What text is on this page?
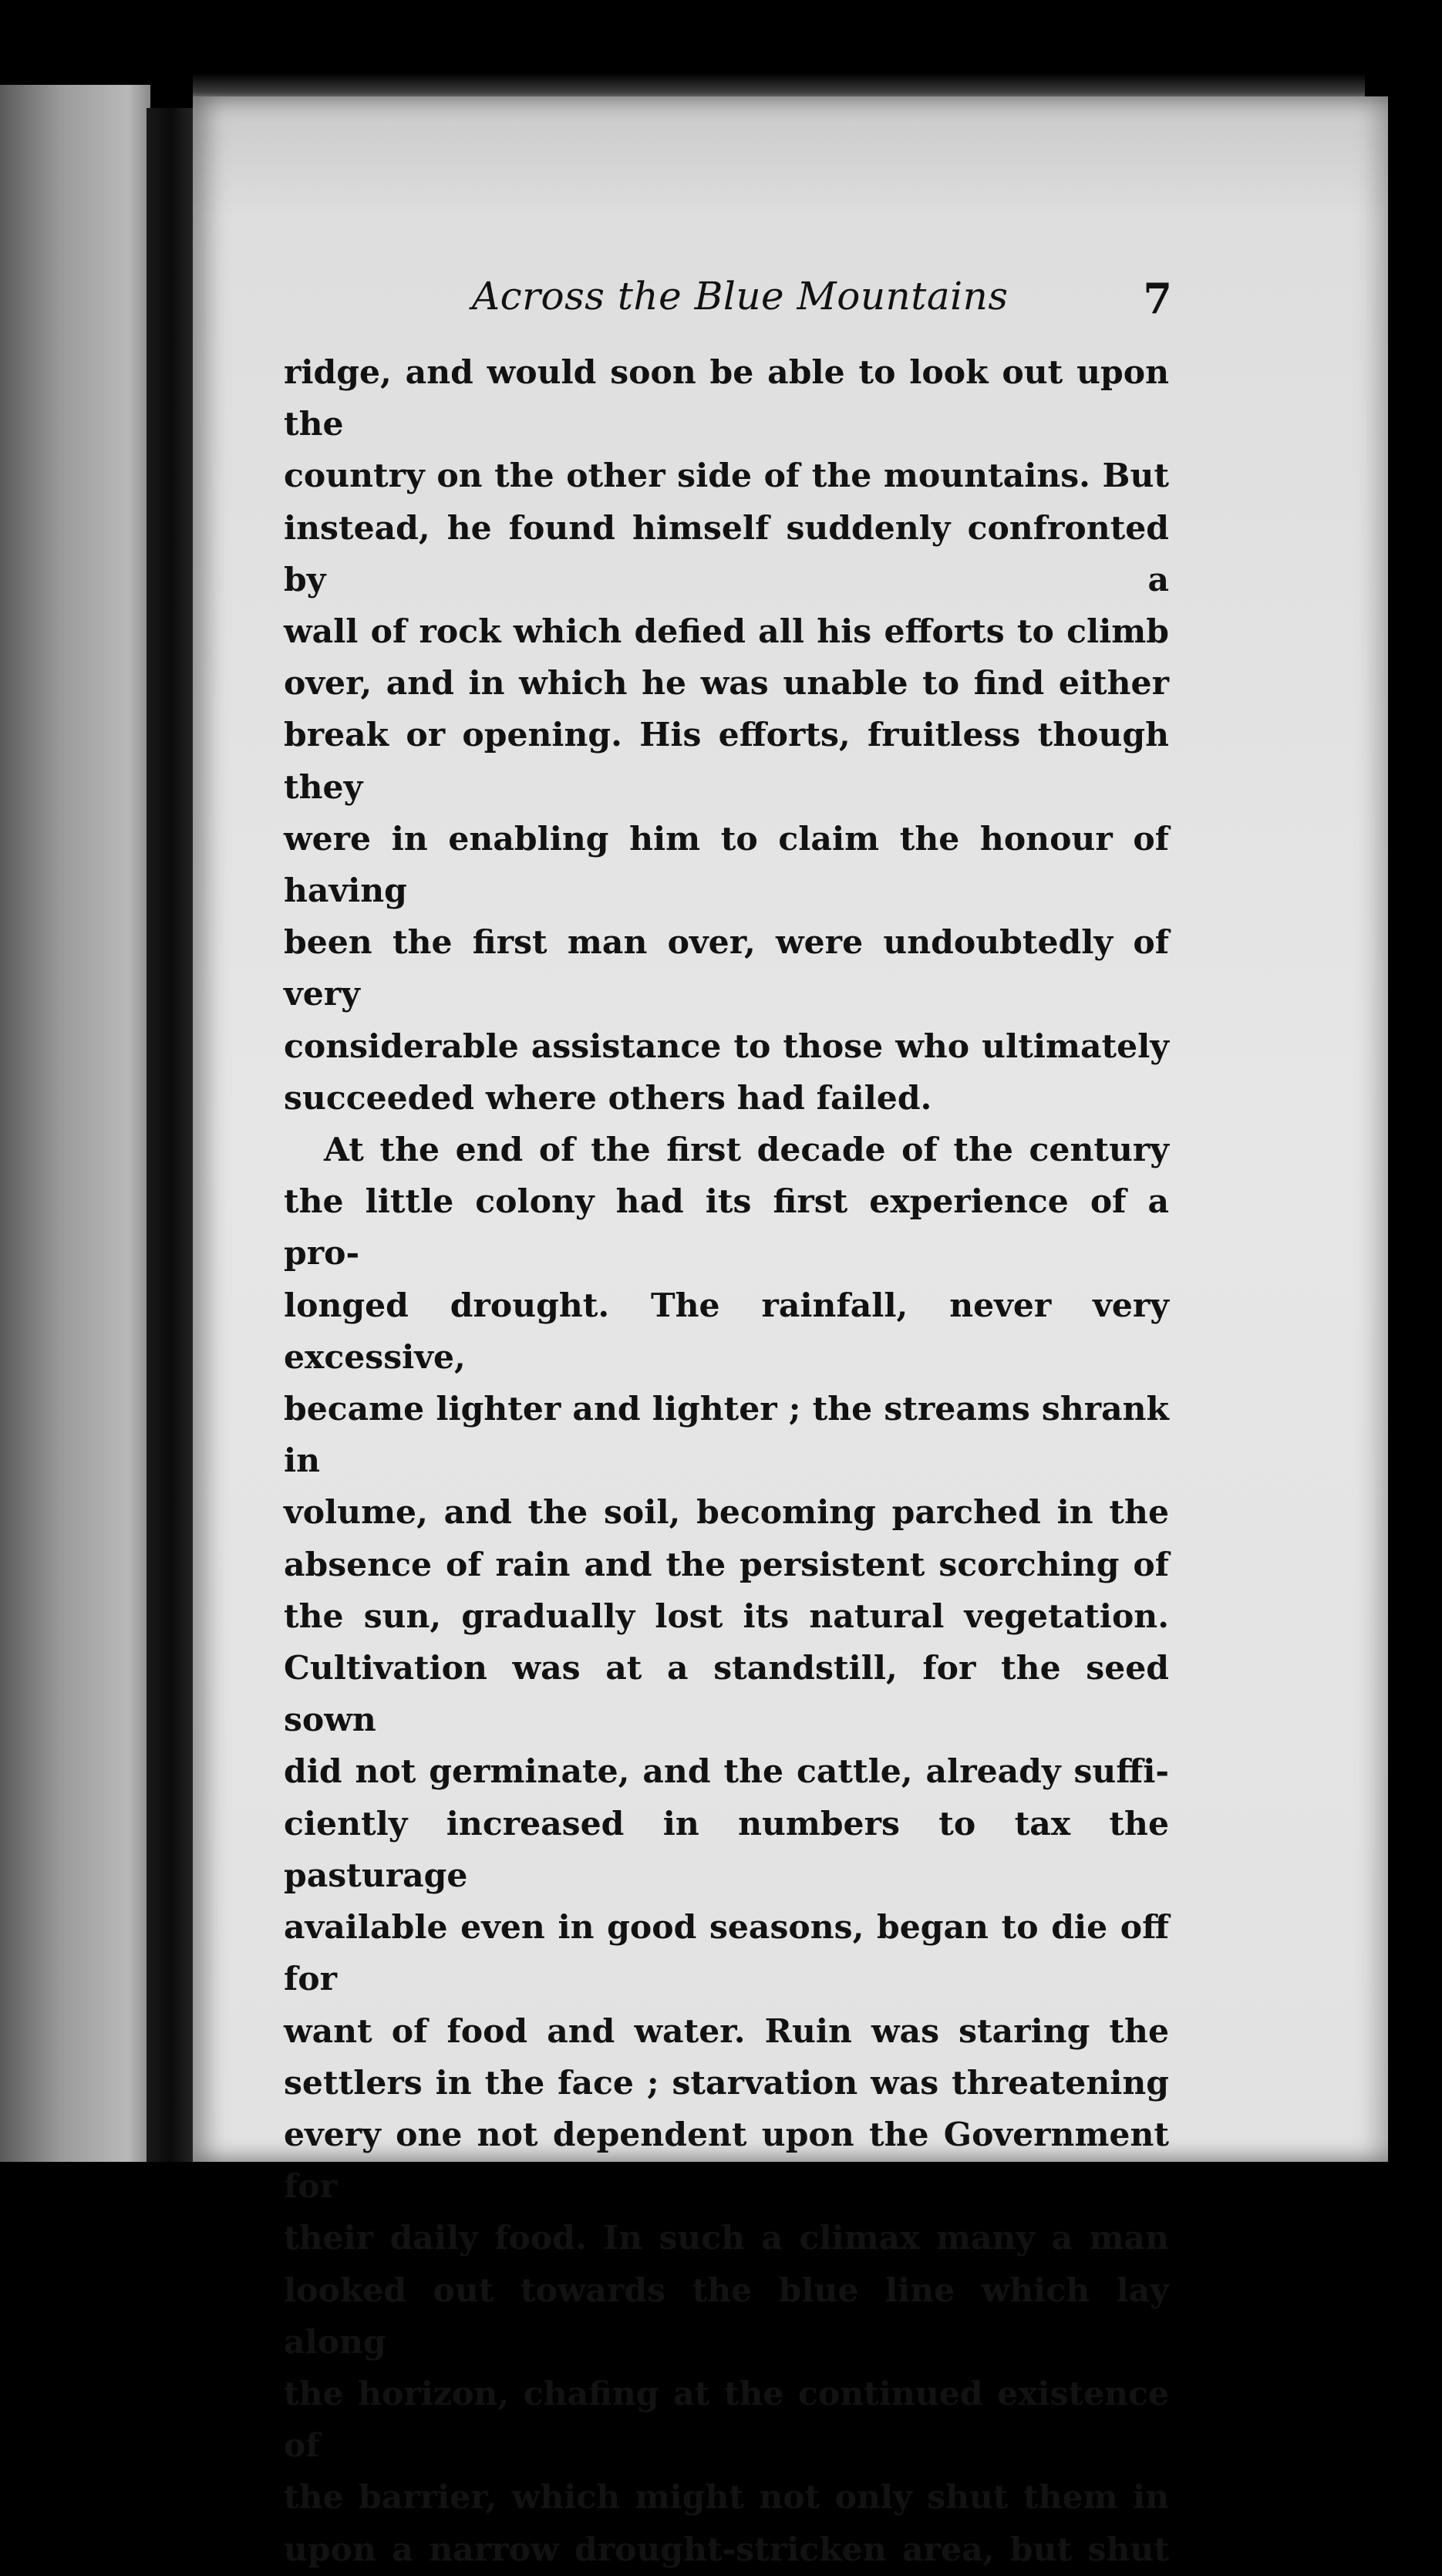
Across the Blue Mountains	7

ridge, and would soon be able to look out upon the

country on the other side of the mountains. But

instead, he found himself suddenly confronted by a

wall of rock which defied all his efforts to climb

over, and in which he was unable to find either

break or opening. His efforts, fruitless though they

were in enabling him to claim the honour of having

been the first man over, were undoubtedly of very

considerable assistance to those who ultimately

succeeded where others had failed.

At the end of the first decade of the century

the little colony had its first experience of a pro-

longed drought. The rainfall, never very excessive,

became lighter and lighter ; the streams shrank in

volume, and the soil, becoming parched in the

absence of rain and the persistent scorching of

the sun, gradually lost its natural vegetation.

Cultivation was at a standstill, for the seed sown

did not germinate, and the cattle, already suffi-

ciently increased in numbers to tax the pasturage

available even in good seasons, began to die off for

want of food and water. Ruin was staring the

settlers in the face ; starvation was threatening

every one not dependent upon the Government for

their daily food. In such a climax many a man

looked out towards the blue line which lay along

the horizon, chafing at the continued existence of

the barrier, which might not only shut them in

upon a narrow drought-stricken area, but shut
